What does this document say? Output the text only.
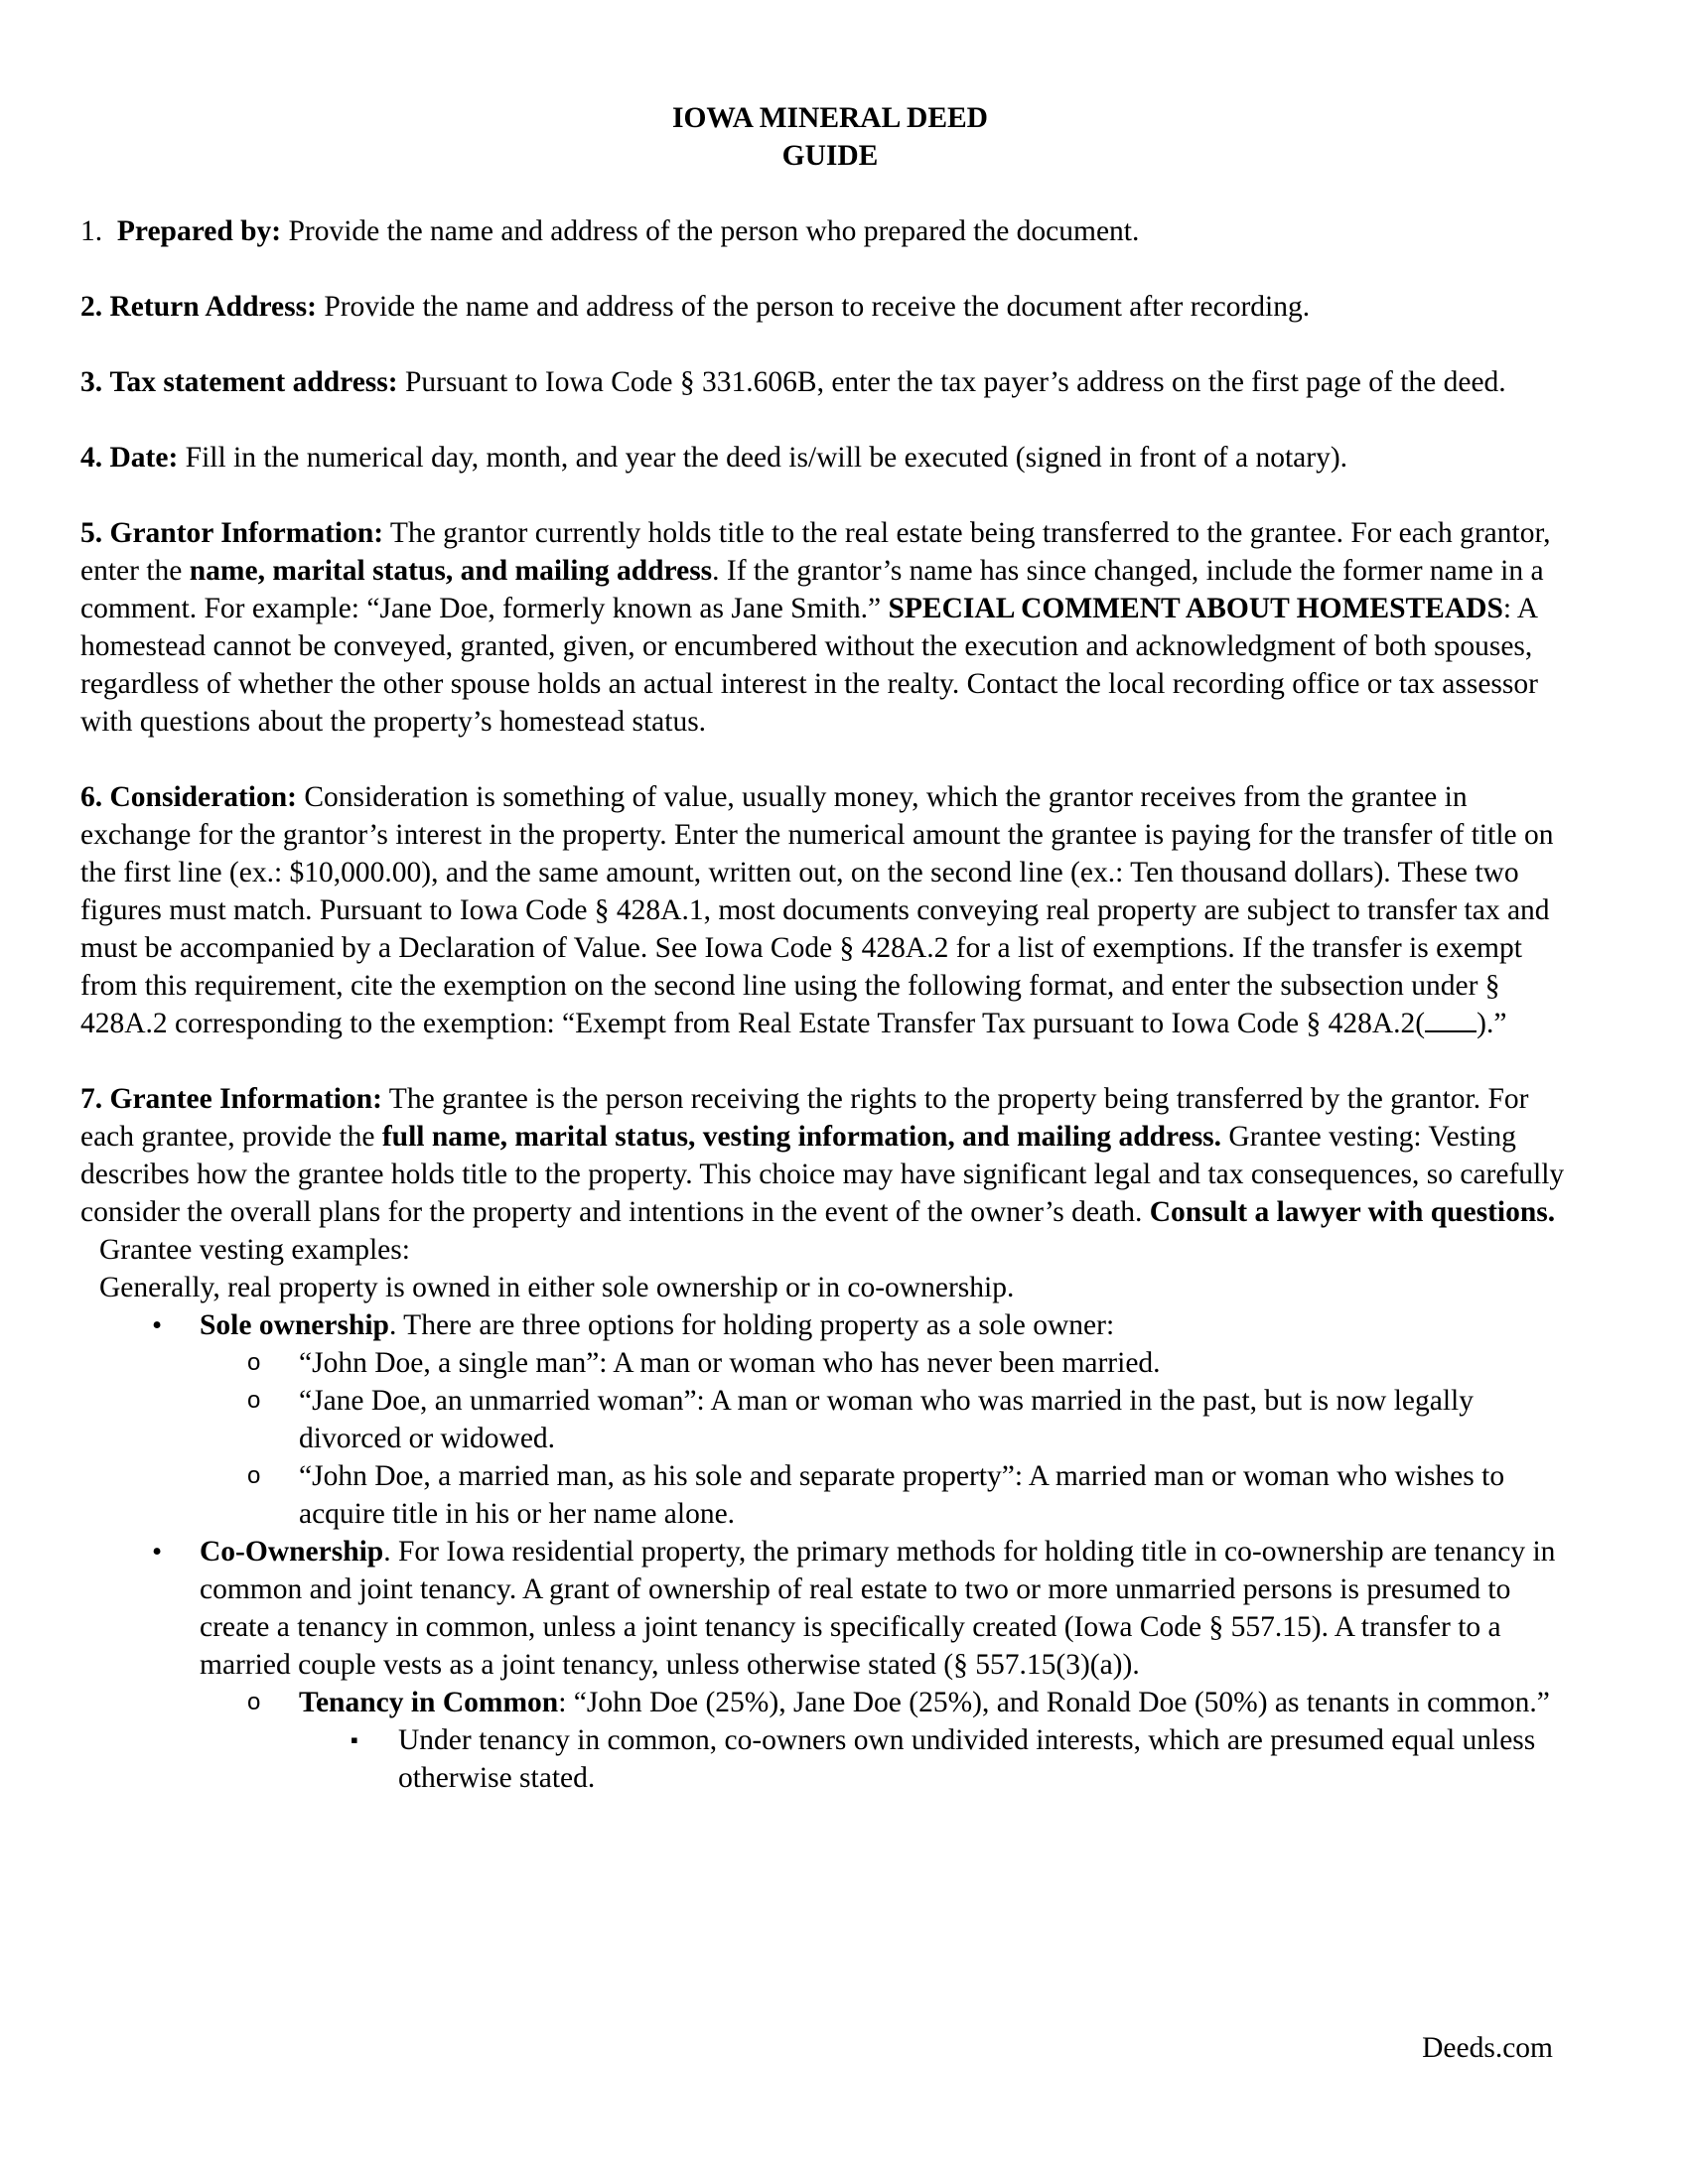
IOWA MINERAL DEED
GUIDE

1. Prepared by: Provide the name and address of the person who prepared the document.

2. Return Address: Provide the name and address of the person to receive the document after recording.

3. Tax statement address: Pursuant to Iowa Code § 331.606B, enter the tax payer’s address on the first page of the deed.

4. Date: Fill in the numerical day, month, and year the deed is/will be executed (signed in front of a notary).

5. Grantor Information: The grantor currently holds title to the real estate being transferred to the grantee. For each grantor, enter the name, marital status, and mailing address. If the grantor’s name has since changed, include the former name in a comment. For example: “Jane Doe, formerly known as Jane Smith.” SPECIAL COMMENT ABOUT HOMESTEADS: A homestead cannot be conveyed, granted, given, or encumbered without the execution and acknowledgment of both spouses, regardless of whether the other spouse holds an actual interest in the realty. Contact the local recording office or tax assessor with questions about the property’s homestead status.

6. Consideration: Consideration is something of value, usually money, which the grantor receives from the grantee in exchange for the grantor’s interest in the property. Enter the numerical amount the grantee is paying for the transfer of title on the first line (ex.: $10,000.00), and the same amount, written out, on the second line (ex.: Ten thousand dollars). These two figures must match. Pursuant to Iowa Code § 428A.1, most documents conveying real property are subject to transfer tax and must be accompanied by a Declaration of Value. See Iowa Code § 428A.2 for a list of exemptions. If the transfer is exempt from this requirement, cite the exemption on the second line using the following format, and enter the subsection under § 428A.2 corresponding to the exemption: “Exempt from Real Estate Transfer Tax pursuant to Iowa Code § 428A.2( ).”

7. Grantee Information: The grantee is the person receiving the rights to the property being transferred by the grantor. For each grantee, provide the full name, marital status, vesting information, and mailing address. Grantee vesting: Vesting describes how the grantee holds title to the property. This choice may have significant legal and tax consequences, so carefully consider the overall plans for the property and intentions in the event of the owner’s death. Consult a lawyer with questions.

Grantee vesting examples:
Generally, real property is owned in either sole ownership or in co-ownership.
• Sole ownership. There are three options for holding property as a sole owner:
o “John Doe, a single man”: A man or woman who has never been married.
o “Jane Doe, an unmarried woman”: A man or woman who was married in the past, but is now legally divorced or widowed.
o “John Doe, a married man, as his sole and separate property”: A married man or woman who wishes to acquire title in his or her name alone.
• Co-Ownership. For Iowa residential property, the primary methods for holding title in co-ownership are tenancy in common and joint tenancy. A grant of ownership of real estate to two or more unmarried persons is presumed to create a tenancy in common, unless a joint tenancy is specifically created (Iowa Code § 557.15). A transfer to a married couple vests as a joint tenancy, unless otherwise stated (§ 557.15(3)(a)).
o Tenancy in Common: “John Doe (25%), Jane Doe (25%), and Ronald Doe (50%) as tenants in common.”
▪ Under tenancy in common, co-owners own undivided interests, which are presumed equal unless otherwise stated.
Deeds.com
